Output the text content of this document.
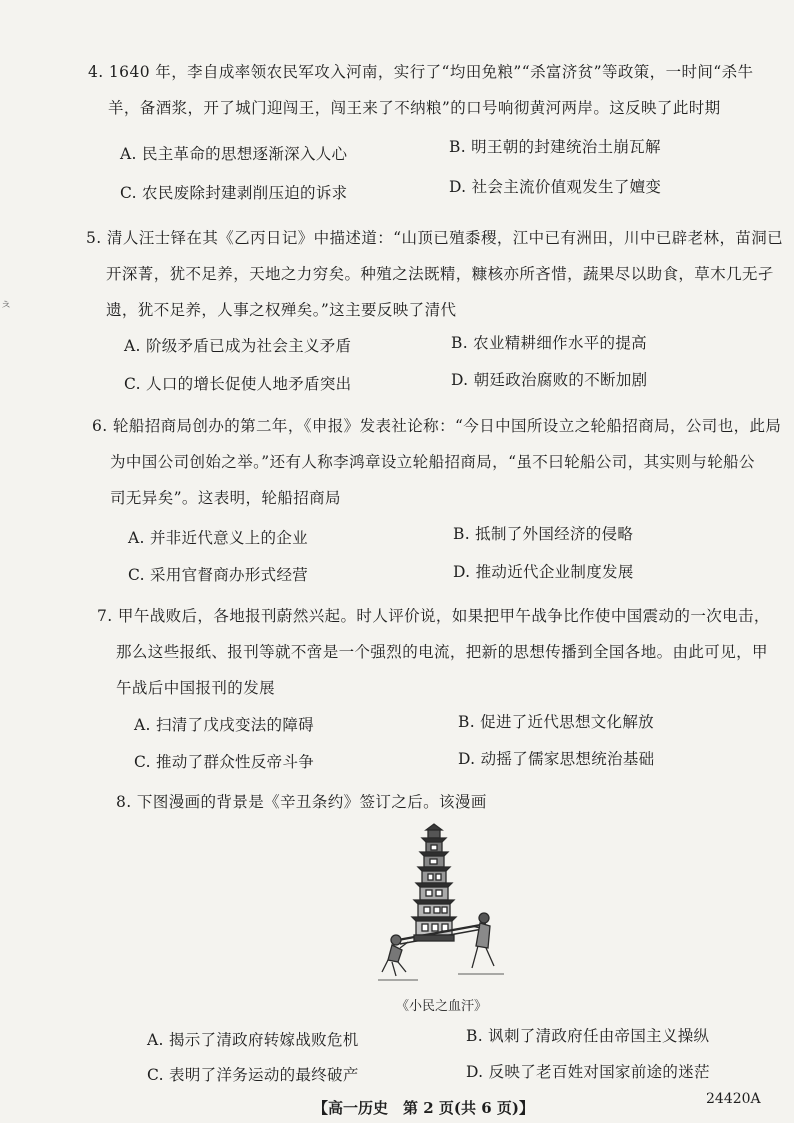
4. 1640 年，李自成率领农民军攻入河南，实行了“均田免粮”“杀富济贫”等政策，一时间“杀牛
羊，备酒浆，开了城门迎闯王，闯王来了不纳粮”的口号响彻黄河两岸。这反映了此时期
A. 民主革命的思想逐渐深入人心	B. 明王朝的封建统治土崩瓦解
C. 农民废除封建剥削压迫的诉求	D. 社会主流价值观发生了嬗变
5. 清人汪士铎在其《乙丙日记》中描述道：“山顶已殖黍稷，江中已有洲田，川中已辟老林，苗洞已
开深菁，犹不足养，天地之力穷矣。种殖之法既精，糠核亦所吝惜，蔬果尽以助食，草木几无孑
遗，犹不足养，人事之权殚矣。”这主要反映了清代
A. 阶级矛盾已成为社会主义矛盾	B. 农业精耕细作水平的提高
C. 人口的增长促使人地矛盾突出	D. 朝廷政治腐败的不断加剧
6. 轮船招商局创办的第二年，《申报》发表社论称：“今日中国所设立之轮船招商局，公司也，此局
为中国公司创始之举。”还有人称李鸿章设立轮船招商局，“虽不曰轮船公司，其实则与轮船公
司无异矣”。这表明，轮船招商局
A. 并非近代意义上的企业	B. 抵制了外国经济的侵略
C. 采用官督商办形式经营	D. 推动近代企业制度发展
7. 甲午战败后，各地报刊蔚然兴起。时人评价说，如果把甲午战争比作使中国震动的一次电击，
那么这些报纸、报刊等就不啻是一个强烈的电流，把新的思想传播到全国各地。由此可见，甲
午战后中国报刊的发展
A. 扫清了戊戌变法的障碍	B. 促进了近代思想文化解放
C. 推动了群众性反帝斗争	D. 动摇了儒家思想统治基础
8. 下图漫画的背景是《辛丑条约》签订之后。该漫画
《小民之血汗》
A. 揭示了清政府转嫁战败危机	B. 讽刺了清政府任由帝国主义操纵
C. 表明了洋务运动的最终破产	D. 反映了老百姓对国家前途的迷茫
【高一历史　第 2 页(共 6 页)】	24420A
ㅊ
